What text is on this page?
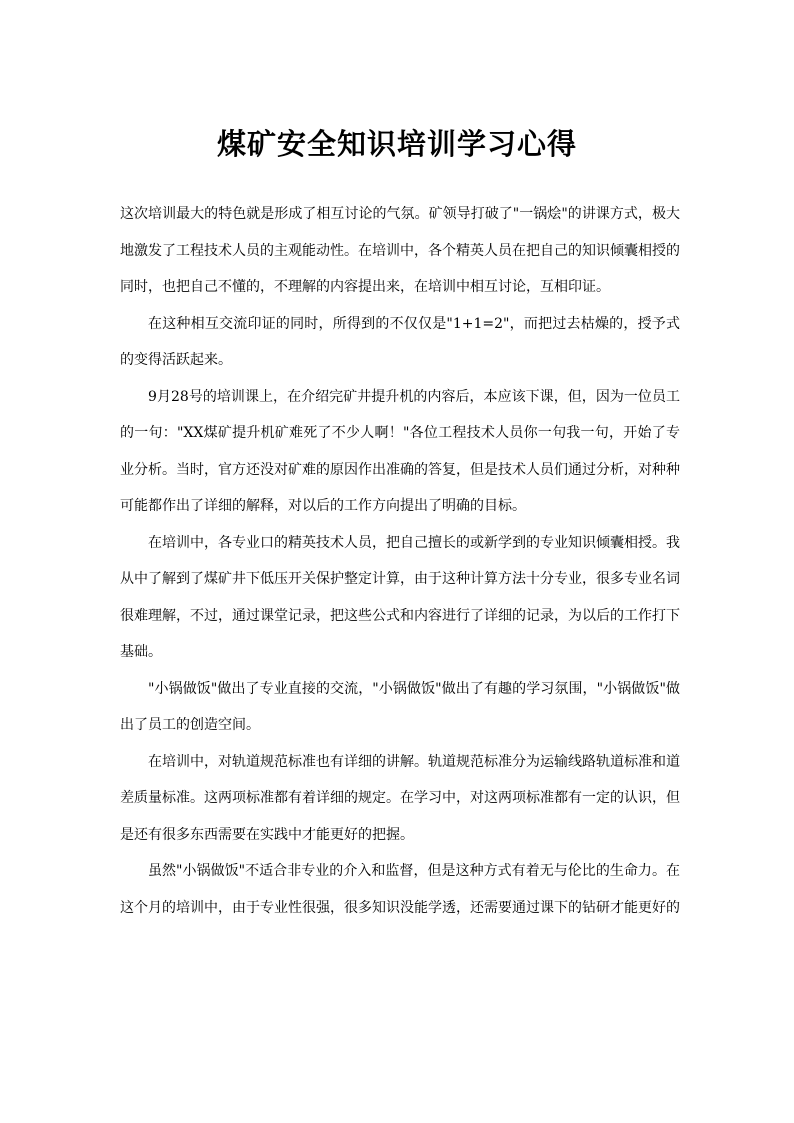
煤矿安全知识培训学习心得

这次培训最大的特色就是形成了相互讨论的气氛。矿领导打破了"一锅烩"的讲课方式，极大地激发了工程技术人员的主观能动性。在培训中，各个精英人员在把自己的知识倾囊相授的同时，也把自己不懂的，不理解的内容提出来，在培训中相互讨论，互相印证。

在这种相互交流印证的同时，所得到的不仅仅是"1+1=2"，而把过去枯燥的，授予式的变得活跃起来。

9月28号的培训课上，在介绍完矿井提升机的内容后，本应该下课，但，因为一位员工的一句："XX煤矿提升机矿难死了不少人啊！"各位工程技术人员你一句我一句，开始了专业分析。当时，官方还没对矿难的原因作出准确的答复，但是技术人员们通过分析，对种种可能都作出了详细的解释，对以后的工作方向提出了明确的目标。

在培训中，各专业口的精英技术人员，把自己擅长的或新学到的专业知识倾囊相授。我从中了解到了煤矿井下低压开关保护整定计算，由于这种计算方法十分专业，很多专业名词很难理解，不过，通过课堂记录，把这些公式和内容进行了详细的记录，为以后的工作打下基础。

"小锅做饭"做出了专业直接的交流，"小锅做饭"做出了有趣的学习氛围，"小锅做饭"做出了员工的创造空间。

在培训中，对轨道规范标准也有详细的讲解。轨道规范标准分为运输线路轨道标准和道差质量标准。这两项标准都有着详细的规定。在学习中，对这两项标准都有一定的认识，但是还有很多东西需要在实践中才能更好的把握。

虽然"小锅做饭"不适合非专业的介入和监督，但是这种方式有着无与伦比的生命力。在这个月的培训中，由于专业性很强，很多知识没能学透，还需要通过课下的钻研才能更好的
